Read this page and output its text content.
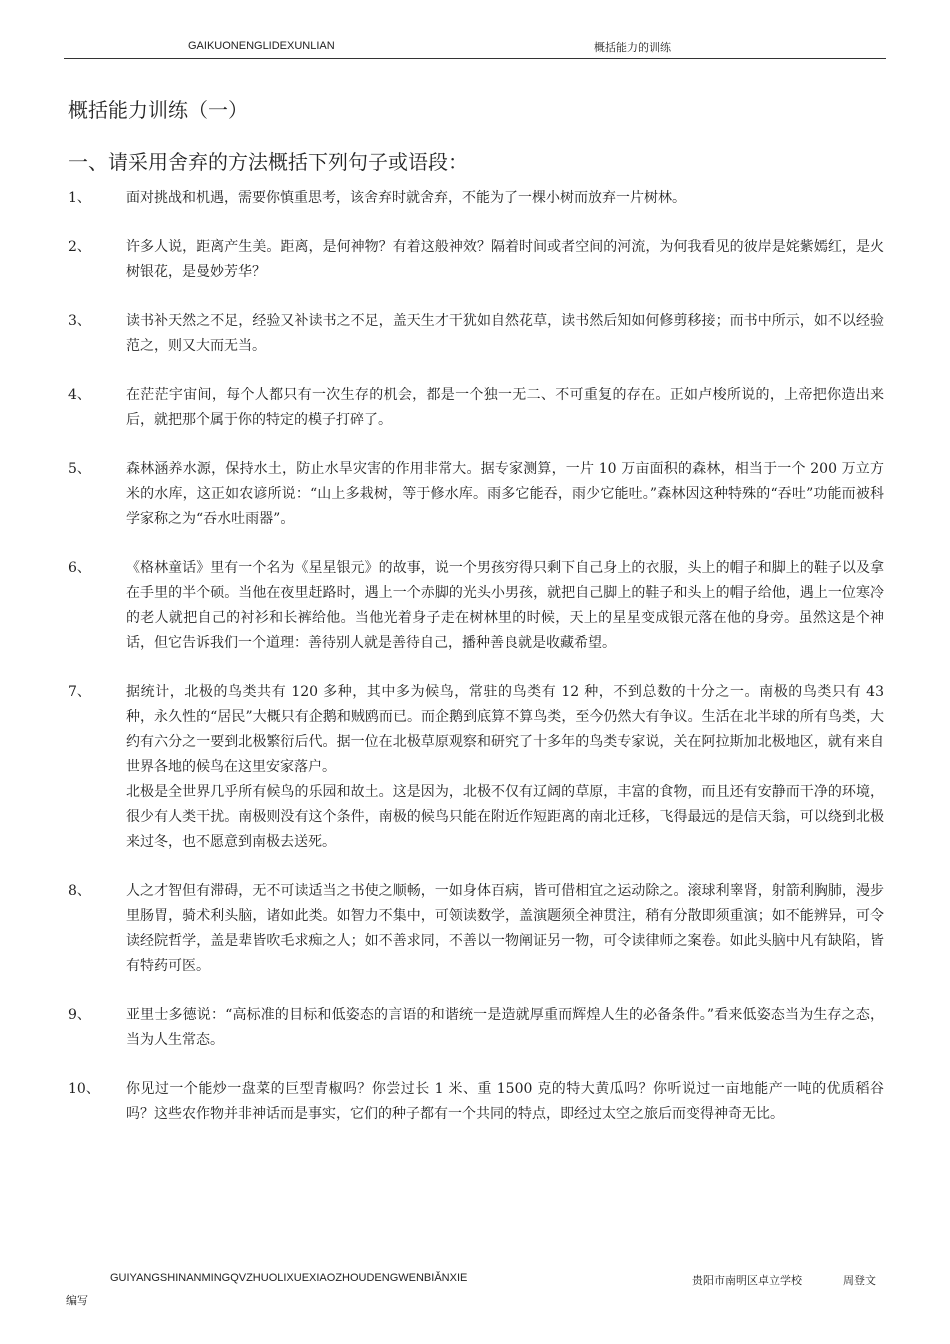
GAIKUONENGLIDEXUNLIAN	概括能力的训练
概括能力训练（一）
一、请采用舍弃的方法概括下列句子或语段：
1、	面对挑战和机遇，需要你慎重思考，该舍弃时就舍弃，不能为了一棵小树而放弃一片树林。

2、	许多人说，距离产生美。距离，是何神物？有着这般神效？隔着时间或者空间的河流，为何我看见的彼岸是姹紫嫣红，是火树银花，是曼妙芳华？

3、	读书补天然之不足，经验又补读书之不足，盖天生才干犹如自然花草，读书然后知如何修剪移接；而书中所示，如不以经验范之，则又大而无当。

4、	在茫茫宇宙间，每个人都只有一次生存的机会，都是一个独一无二、不可重复的存在。正如卢梭所说的，上帝把你造出来后，就把那个属于你的特定的模子打碎了。

5、	森林涵养水源，保持水土，防止水旱灾害的作用非常大。据专家测算，一片 10 万亩面积的森林，相当于一个 200 万立方米的水库，这正如农谚所说：“山上多栽树，等于修水库。雨多它能吞，雨少它能吐。”森林因这种特殊的“吞吐”功能而被科学家称之为“吞水吐雨器”。

6、	《格林童话》里有一个名为《星星银元》的故事，说一个男孩穷得只剩下自己身上的衣服，头上的帽子和脚上的鞋子以及拿在手里的半个硕。当他在夜里赶路时，遇上一个赤脚的光头小男孩，就把自己脚上的鞋子和头上的帽子给他，遇上一位寒冷的老人就把自己的衬衫和长裤给他。当他光着身子走在树林里的时候，天上的星星变成银元落在他的身旁。虽然这是个神话，但它告诉我们一个道理：善待别人就是善待自己，播种善良就是收藏希望。

7、	据统计，北极的鸟类共有 120 多种，其中多为候鸟，常驻的鸟类有 12 种，不到总数的十分之一。南极的鸟类只有 43 种，永久性的“居民”大概只有企鹅和贼鸥而已。而企鹅到底算不算鸟类，至今仍然大有争议。生活在北半球的所有鸟类，大约有六分之一要到北极繁衍后代。据一位在北极草原观察和研究了十多年的鸟类专家说，关在阿拉斯加北极地区，就有来自世界各地的候鸟在这里安家落户。

北极是全世界几乎所有候鸟的乐园和故土。这是因为，北极不仅有辽阔的草原，丰富的食物，而且还有安静而干净的环境，很少有人类干扰。南极则没有这个条件，南极的候鸟只能在附近作短距离的南北迁移，飞得最远的是信天翁，可以绕到北极来过冬，也不愿意到南极去送死。

8、	人之才智但有滞碍，无不可读适当之书使之顺畅，一如身体百病，皆可借相宜之运动除之。滚球利睾肾，射箭利胸肺，漫步里肠胃，骑术利头脑，诸如此类。如智力不集中，可领读数学，盖演题须全神贯注，稍有分散即须重演；如不能辨异，可令读经院哲学，盖是辈皆吹毛求痴之人；如不善求同，不善以一物阐证另一物，可令读律师之案卷。如此头脑中凡有缺陷，皆有特药可医。

9、	亚里士多德说：“高标准的目标和低姿态的言语的和谐统一是造就厚重而辉煌人生的必备条件。”看来低姿态当为生存之态，当为人生常态。

10、 你见过一个能炒一盘菜的巨型青椒吗？你尝过长 1 米、重 1500 克的特大黄瓜吗？你听说过一亩地能产一吨的优质稻谷吗？这些农作物并非神话而是事实，它们的种子都有一个共同的特点，即经过太空之旅后而变得神奇无比。

GUIYANGSHINANMINGQVZHUOLIXUEXIAOZHOUDENGWENBIǍNXIE	贵阳市南明区卓立学校	周登文
编写
